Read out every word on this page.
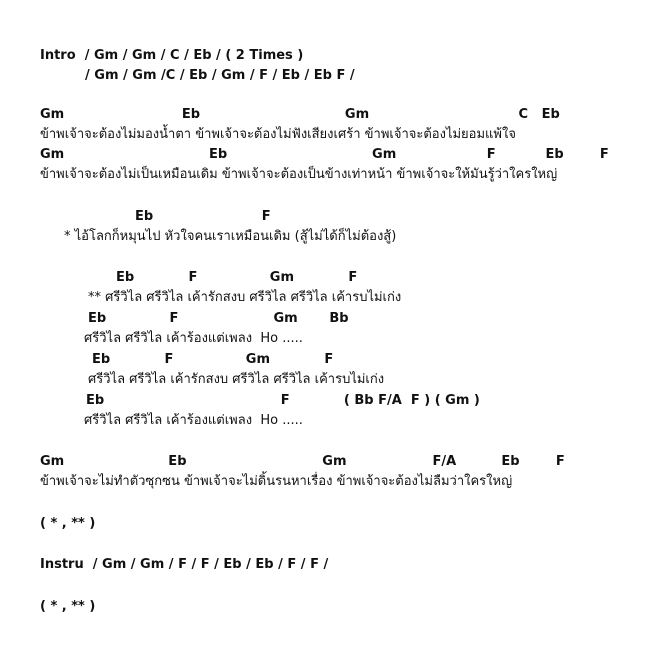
Intro  / Gm / Gm / C / Eb / ( 2 Times )
/ Gm / Gm /C / Eb / Gm / F / Eb / Eb F /
Gm                          Eb                                Gm                                 C   Eb
ข้าพเจ้าจะต้องไม่มองน้ำตา ข้าพเจ้าจะต้องไม่ฟังเสียงเศร้า ข้าพเจ้าจะต้องไม่ยอมแพ้ใจ
Gm                                Eb                                Gm                    F           Eb        F
ข้าพเจ้าจะต้องไม่เป็นเหมือนเดิม ข้าพเจ้าจะต้องเป็นข้างเท่าหน้า ข้าพเจ้าจะให้มันรู้ว่าใครใหญ่
Eb                        F
* ไอ้โลกก็หมุนไป หัวใจคนเราเหมือนเดิม (สู้ไม่ได้ก็ไม่ต้องสู้)
Eb            F                Gm            F
** ศรีวิไล ศรีวิไล เค้ารักสงบ ศรีวิไล ศรีวิไล เค้ารบไม่เก่ง
Eb              F                     Gm       Bb
ศรีวิไล ศรีวิไล เค้าร้องแต่เพลง  Ho .....
Eb            F                Gm            F
ศรีวิไล ศรีวิไล เค้ารักสงบ ศรีวิไล ศรีวิไล เค้ารบไม่เก่ง
Eb                                       F            ( Bb F/A  F ) ( Gm )
ศรีวิไล ศรีวิไล เค้าร้องแต่เพลง  Ho .....
Gm                       Eb                              Gm                   F/A          Eb        F
ข้าพเจ้าจะไม่ทำตัวซุกซน ข้าพเจ้าจะไม่ดิ้นรนหาเรื่อง ข้าพเจ้าจะต้องไม่ลืมว่าใครใหญ่
( * , ** )
Instru  / Gm / Gm / F / F / Eb / Eb / F / F /
( * , ** )
